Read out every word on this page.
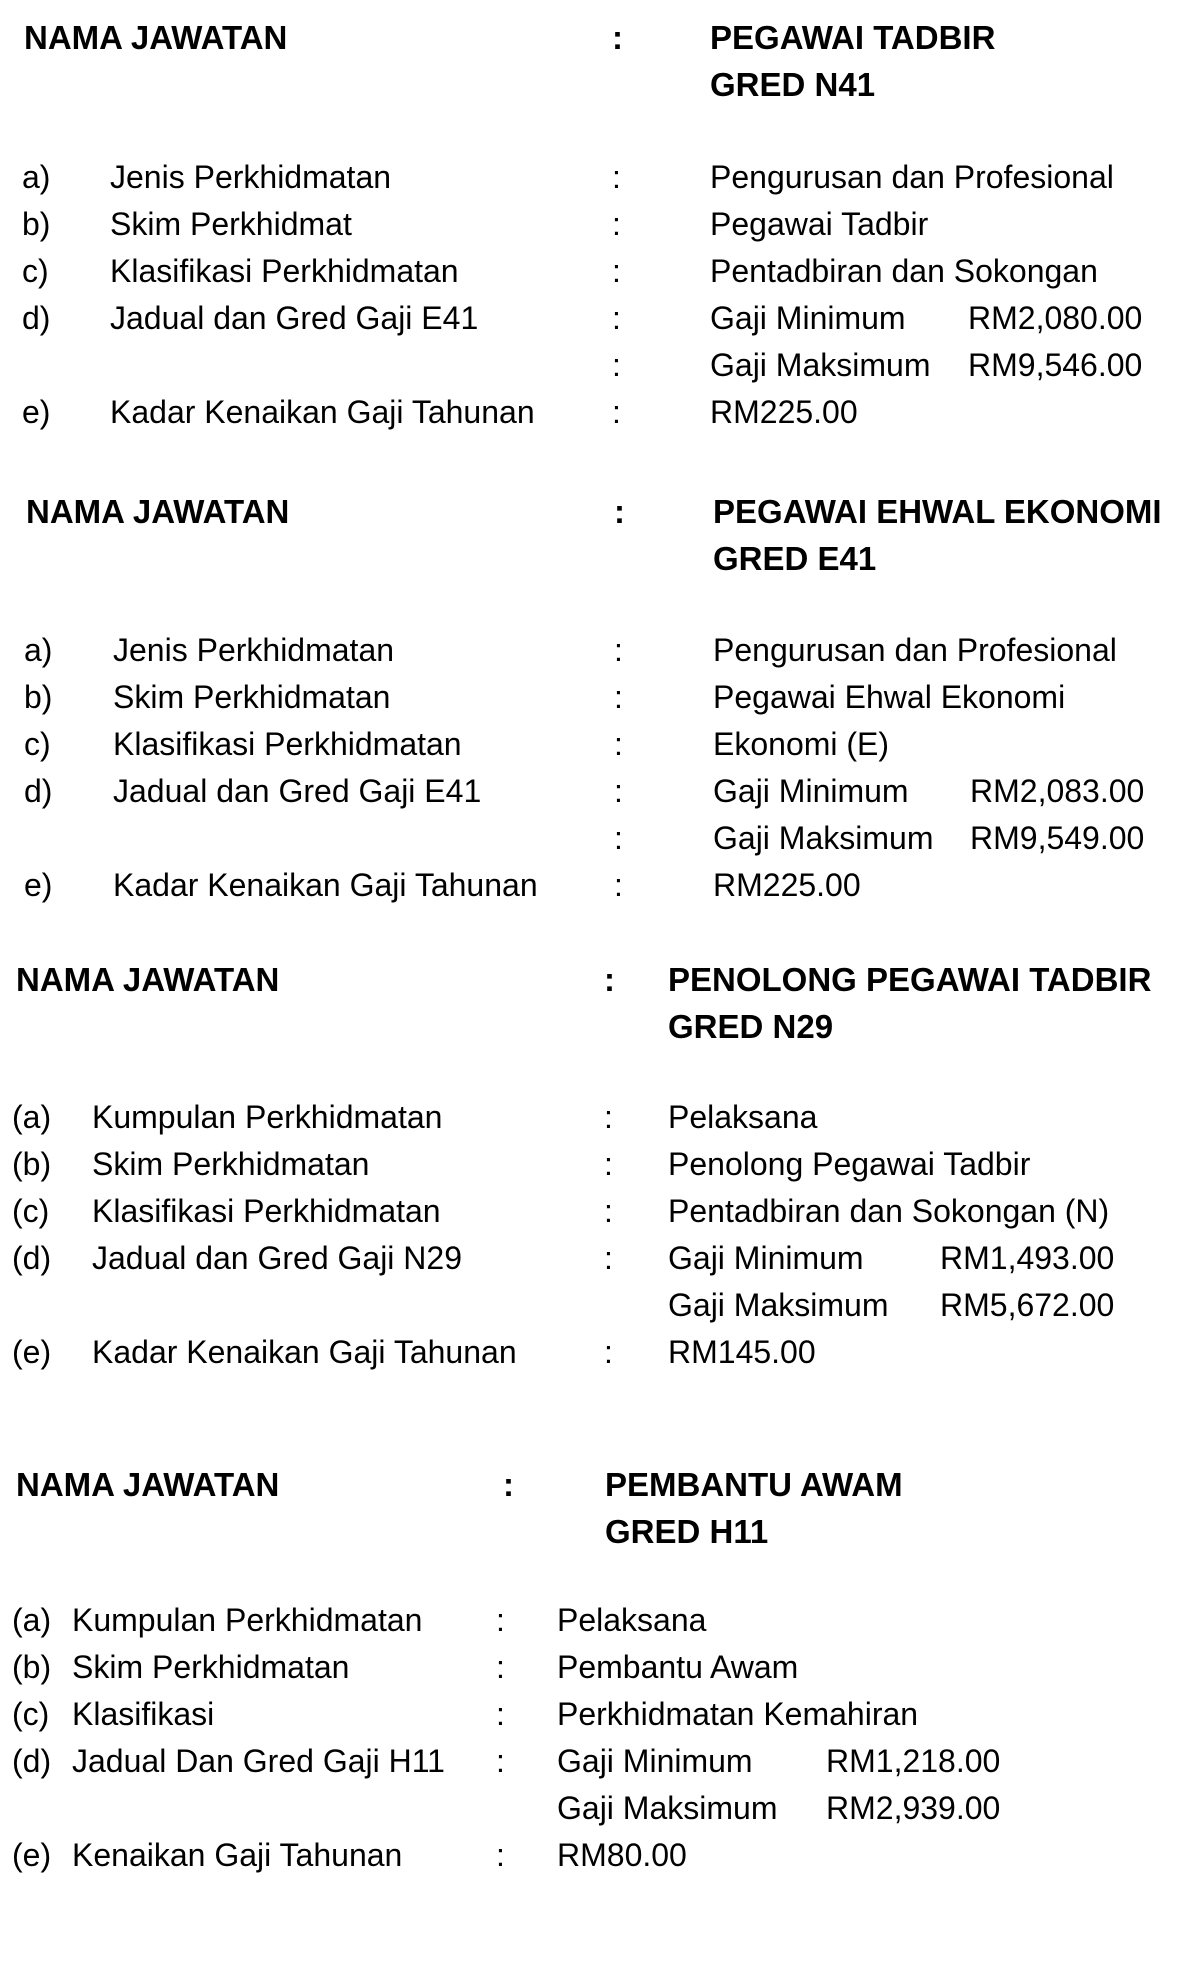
NAMA JAWATAN	:	PEGAWAI TADBIR
GRED N41
a) Jenis Perkhidmatan	:	Pengurusan dan Profesional
b) Skim Perkhidmat	:	Pegawai Tadbir
c) Klasifikasi Perkhidmatan	:	Pentadbiran dan Sokongan
d) Jadual dan Gred Gaji E41	:	Gaji Minimum RM2,080.00
:	Gaji Maksimum RM9,546.00
e) Kadar Kenaikan Gaji Tahunan :	RM225.00
NAMA JAWATAN	:	PEGAWAI EHWAL EKONOMI
GRED E41
a) Jenis Perkhidmatan	:	Pengurusan dan Profesional
b) Skim Perkhidmatan	:	Pegawai Ehwal Ekonomi
c) Klasifikasi Perkhidmatan	:	Ekonomi (E)
d) Jadual dan Gred Gaji E41	:	Gaji Minimum RM2,083.00
:	Gaji Maksimum RM9,549.00
e) Kadar Kenaikan Gaji Tahunan :	RM225.00
NAMA JAWATAN	: PENOLONG PEGAWAI TADBIR
GRED N29
(a) Kumpulan Perkhidmatan	: Pelaksana
(b) Skim Perkhidmatan	: Penolong Pegawai Tadbir
(c) Klasifikasi Perkhidmatan	: Pentadbiran dan Sokongan (N)
(d) Jadual dan Gred Gaji N29	: Gaji Minimum RM1,493.00
Gaji Maksimum RM5,672.00
(e) Kadar Kenaikan Gaji Tahunan	: RM145.00
NAMA JAWATAN	:	PEMBANTU AWAM
GRED H11
(a) Kumpulan Perkhidmatan : Pelaksana
(b) Skim Perkhidmatan	: Pembantu Awam
(c) Klasifikasi	: Perkhidmatan Kemahiran
(d) Jadual Dan Gred Gaji H11 : Gaji Minimum RM1,218.00
Gaji Maksimum RM2,939.00
(e) Kenaikan Gaji Tahunan	: RM80.00
